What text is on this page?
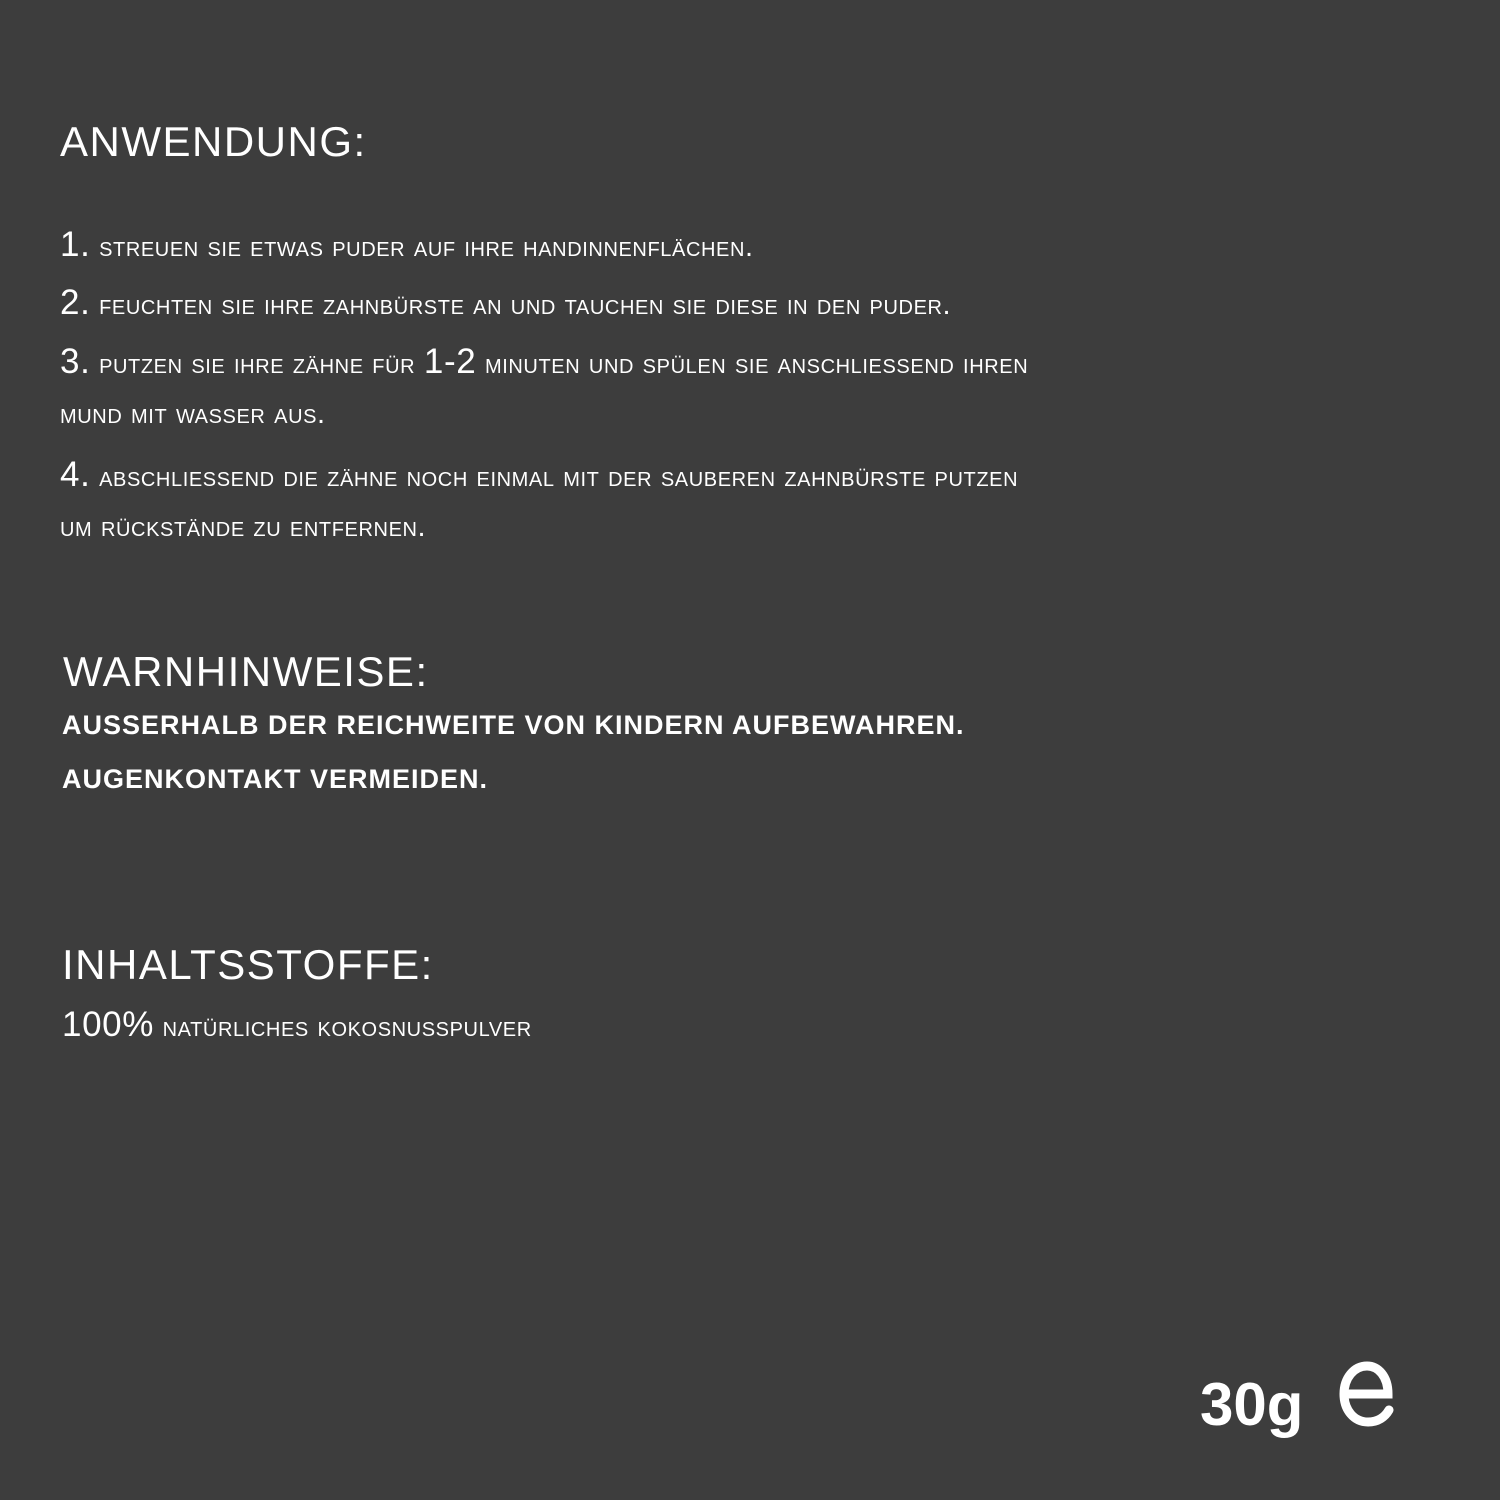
ANWENDUNG:

1. streuen sie etwas puder auf ihre handinnenflächen.

2. feuchten sie ihre zahnbürste an und tauchen sie diese in den puder.

3. putzen sie ihre zähne für 1-2 minuten und spülen sie anschliessend ihren

mund mit wasser aus.

4. abschliessend die zähne noch einmal mit der sauberen zahnbürste putzen

um rückstände zu entfernen.

WARNHINWEISE:

AUSSERHALB DER REICHWEITE VON KINDERN AUFBEWAHREN.

AUGENKONTAKT VERMEIDEN.

INHALTSSTOFFE:

100% natürliches kokosnusspulver

30g
